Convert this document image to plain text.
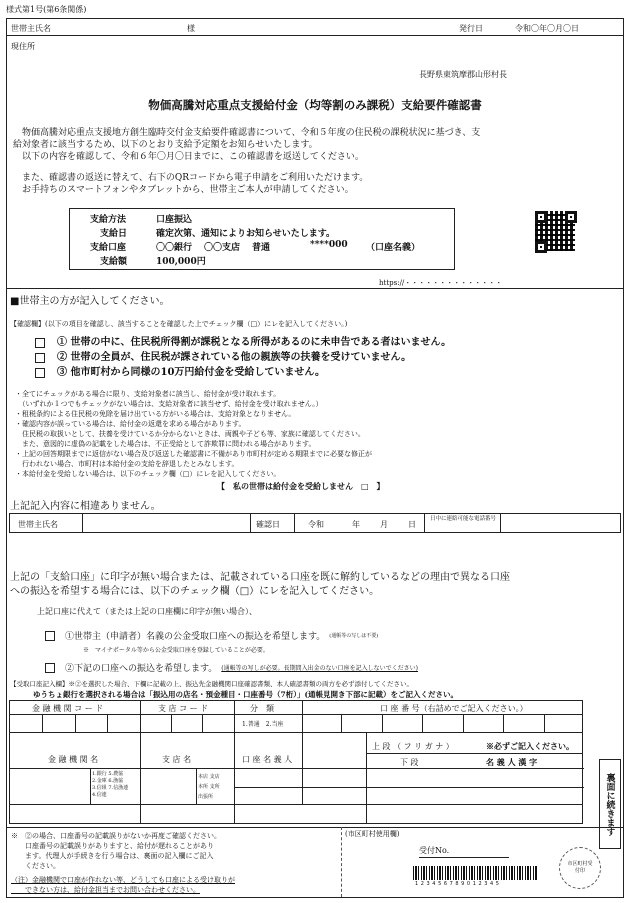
様式第1号(第6条関係)
世帯主氏名	様	発行日	令和〇年〇月〇日
現住所
長野県東筑摩郡山形村長
物価高騰対応重点支援給付金（均等割のみ課税）支給要件確認書
　物価高騰対応重点支援地方創生臨時交付金支給要件確認書について、令和５年度の住民税の課税状況に基づき、支
給対象者に該当するため、以下のとおり支給予定額をお知らせいたします。
　以下の内容を確認して、令和６年〇月〇日までに、この確認書を返送してください。
　また、確認書の返送に替えて、右下のQRコードから電子申請をご利用いただけます。
　お手持ちのスマートフォンやタブレットから、世帯主ご本人が申請してください。
支給方法	口座振込
支給日	確定次第、通知によりお知らせいたします。
支給口座	〇〇銀行 〇〇支店 普通	****000 （口座名義）
支給額	100,000円
https://・・・・・・・・・・・・・・
■世帯主の方が記入してください。
【確認欄】(以下の項目を確認し、該当することを確認した上でチェック欄（□）にレを記入してください。)
① 世帯の中に、住民税所得割が課税となる所得があるのに未申告である者はいません。
② 世帯の全員が、住民税が課されている他の親族等の扶養を受けていません。
③ 他市町村から同様の10万円給付金を受給していません。
・全てにチェックがある場合に限り、支給対象者に該当し、給付金が受け取れます。
　（いずれか１つでもチェックがない場合は、支給対象者に該当せず、給付金を受け取れません。）
・租税条約による住民税の免除を届け出ている方がいる場合は、支給対象となりません。
・確認内容が誤っている場合は、給付金の返還を求める場合があります。
　住民税の取扱いとして、扶養を受けているか分からないときは、両親や子ども等、家族に確認してください。
　また、意図的に虚偽の記載をした場合は、不正受給として詐欺罪に問われる場合があります。
・上記の回答期限までに返信がない場合及び返送した確認書に不備があり市町村が定める期限までに必要な修正が
　行われない場合、市町村は本給付金の支給を辞退したとみなします。
・本給付金を受給しない場合は、以下のチェック欄（□）にレを記入してください。
【　私の世帯は給付金を受給しません　□　】
上記記入内容に相違ありません。
世帯主氏名	確認日	令和	年	月	日
日中に連絡可能な電話番号
上記の「支給口座」に印字が無い場合または、記載されている口座を既に解約しているなどの理由で異なる口座
への振込を希望する場合には、以下のチェック欄（□）にレを記入してください。
上記口座に代えて（または上記の口座欄に印字が無い場合）、
①世帯主（申請者）名義の公金受取口座への振込を希望します。 (通帳等の写しは不要)
※　マイナポータル等から公金受取口座を登録していることが必要。
②下記の口座への振込を希望します。 (通帳等の写しが必要。長期間入出金のない口座を記入しないでください)
【受取口座記入欄】※②を選択した場合、下欄に記載の上、振込先金融機関口座確認書類、本人確認書類の両方を必ず添付してください。
ゆうちょ銀行を選択される場合は「振込用の店名・預金種目・口座番号（7桁）」(通帳見開き下部に記載）をご記入ください。
金 融 機 関 コ ー ド	支 店 コ ー ド	分　類	口 座 番 号（右詰めでご記入ください。）
1.普通　2.当座
金 融 機 関 名	支 店 名	口 座 名 義 人
上 段 （ フ リ ガ ナ ）	※必ずご記入ください。
下 段	名 義 人 漢 字
1.銀行 5.農協
2.金庫 6.漁協
3.信組 7.信漁連
4.信連
本店 支店
本所 支所
出張所	裏面に続きます
※　②の場合、口座番号の記載誤りがないか再度ご確認ください。
　　口座番号の記載誤りがありますと、給付が遅れることがあり
　　ます。代理人が手続きを行う場合は、裏面の記入欄にご記入
　　ください。
（注）金融機関で口座が作れない等、どうしても口座による受け取りが
　　できない方は、給付金担当までお問い合わせください。
(市区町村使用欄)
受付No.
1 2 3 4 5 6 7 8 9 0 1 2 3 4 5
市区町村受付印
